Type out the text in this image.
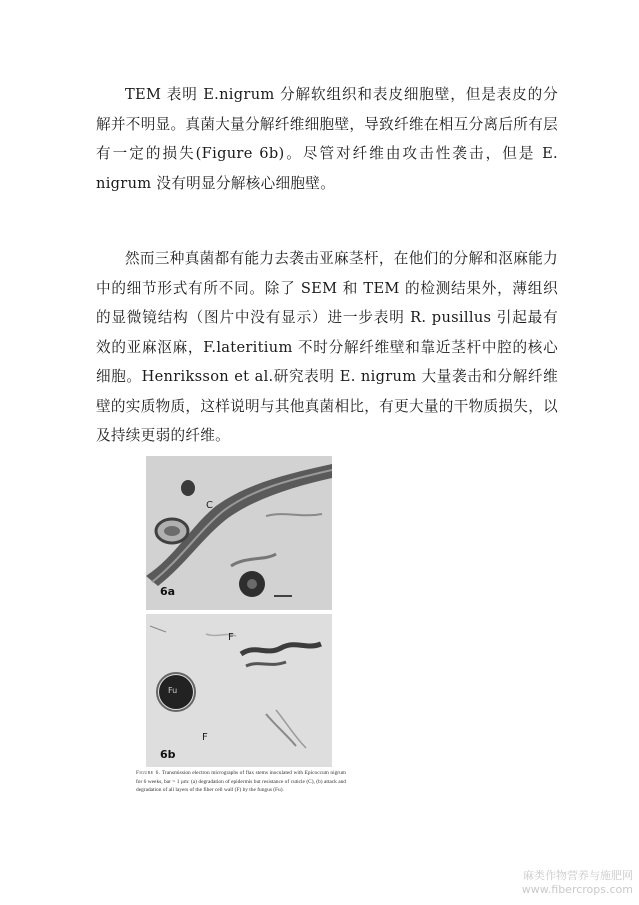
TEM 表明 E.nigrum 分解软组织和表皮细胞壁，但是表皮的分解并不明显。真菌大量分解纤维细胞壁，导致纤维在相互分离后所有层有一定的损失(Figure 6b)。尽管对纤维由攻击性袭击，但是 E. nigrum 没有明显分解核心细胞壁。

然而三种真菌都有能力去袭击亚麻茎杆，在他们的分解和沤麻能力中的细节形式有所不同。除了 SEM 和 TEM 的检测结果外，薄组织的显微镜结构（图片中没有显示）进一步表明 R. pusillus 引起最有效的亚麻沤麻，F.lateritium 不时分解纤维壁和靠近茎杆中腔的核心细胞。Henriksson et al.研究表明 E. nigrum 大量袭击和分解纤维壁的实质物质，这样说明与其他真菌相比，有更大量的干物质损失，以及持续更弱的纤维。

6a
C
6b
F
F
Fu
Figure 6. Transmission electron micrographs of flax stems inoculated with Epicoccum nigrum for 6 weeks, bar = 1 µm: (a) degradation of epidermis but resistance of cuticle (C), (b) attack and degradation of all layers of the fiber cell wall (F) by the fungus (Fu).
麻类作物营养与施肥网
www.fibercrops.com
